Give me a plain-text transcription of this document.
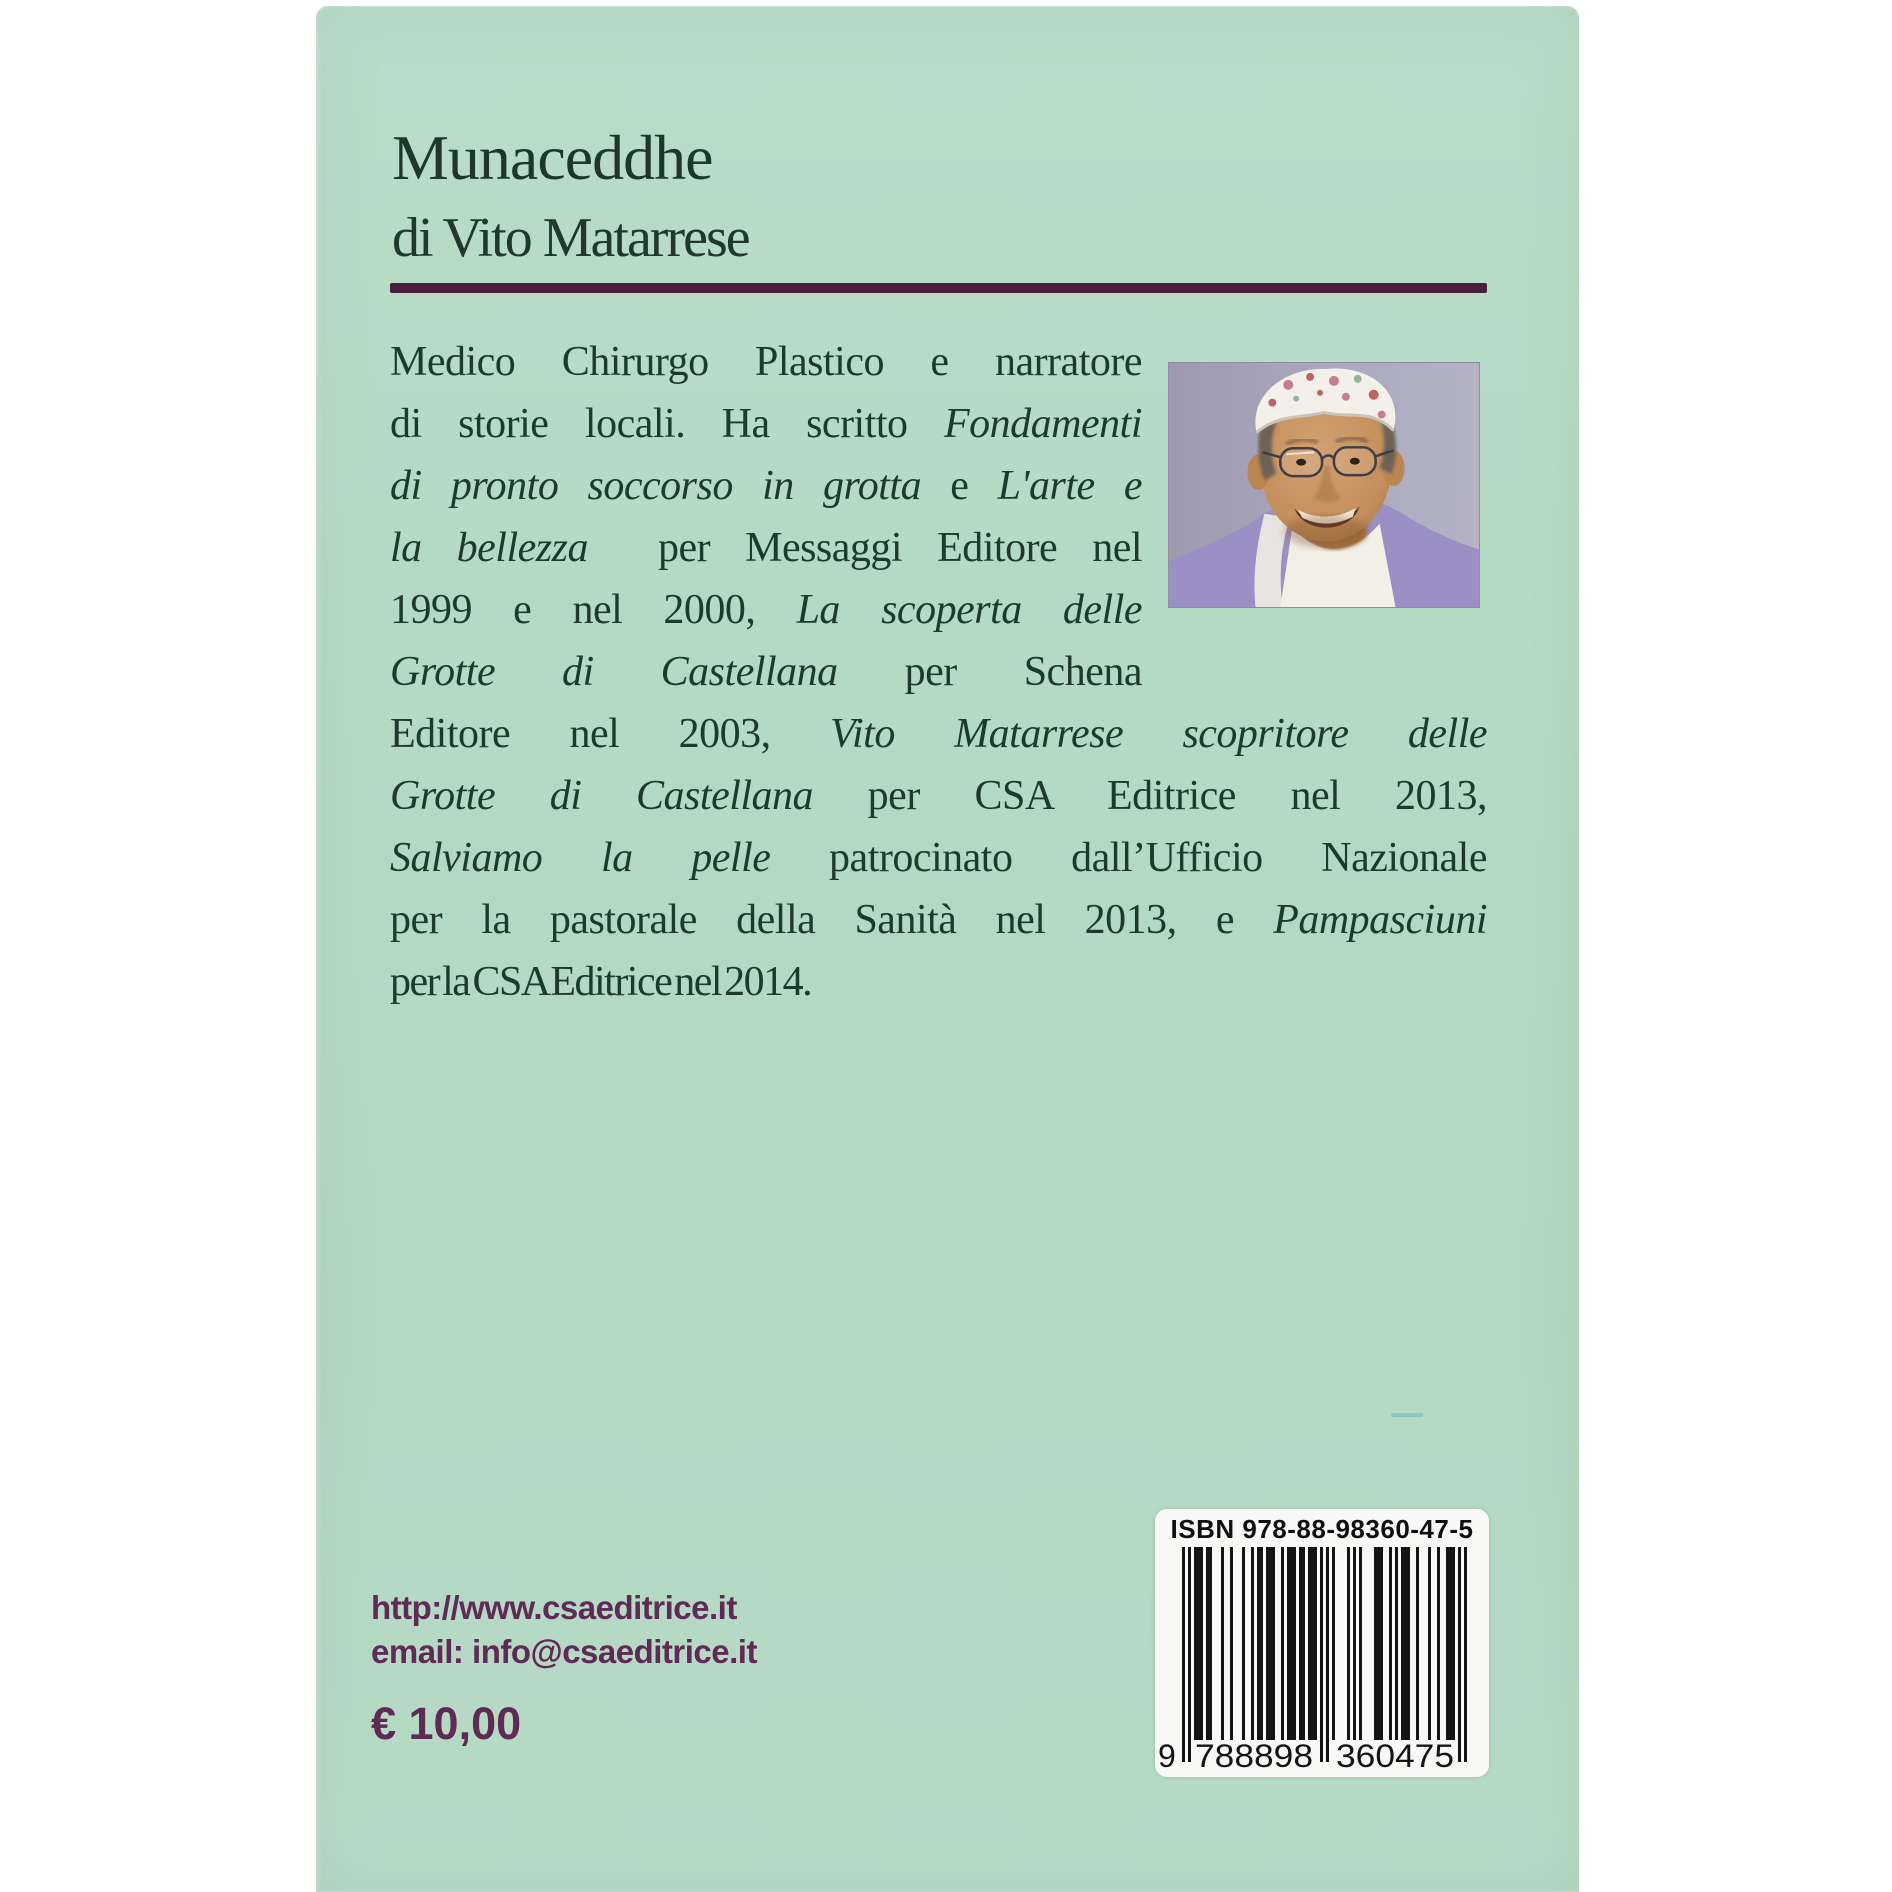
Munaceddhe
di Vito Matarrese
Medico Chirurgo Plastico e narratore
di storie locali. Ha scritto Fondamenti
di pronto soccorso in grotta e L'arte e
la bellezza  per Messaggi Editore nel
1999 e nel 2000, La scoperta delle
Grotte di Castellana per Schena
Editore nel 2003, Vito Matarrese scopritore delle
Grotte di Castellana per CSA Editrice nel 2013,
Salviamo la pelle patrocinato dall’Ufficio Nazionale
per la pastorale della Sanità nel 2013, e Pampasciuni
per la CSA Editrice nel 2014.
http://www.csaeditrice.it
email: info@csaeditrice.it
€ 10,00
ISBN 978-88-98360-47-5
9 788898 360475
